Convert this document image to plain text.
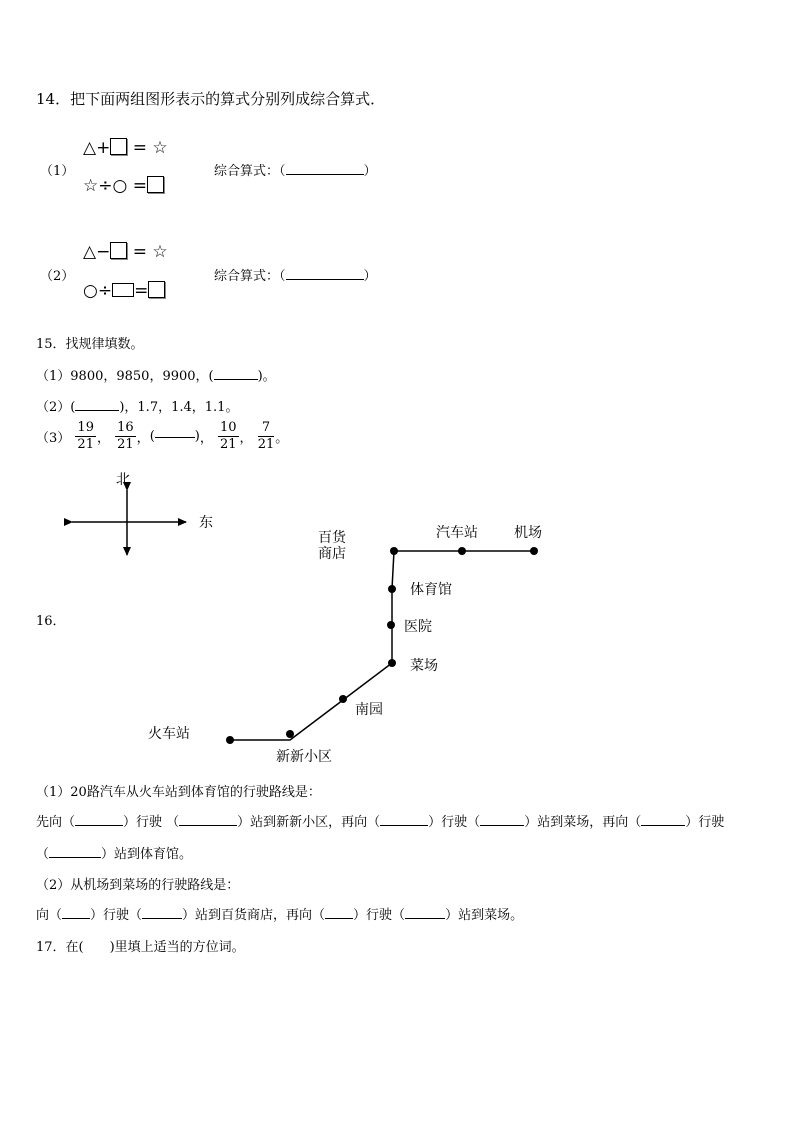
14．把下面两组图形表示的算式分别列成综合算式．
（1）
△+ = ☆
☆÷○ =
综合算式：（	）
（2）
△− = ☆
○÷ =
综合算式：（	）
15．找规律填数。
（1）9800，9850，9900，(	)。
（2）(	)，1.7，1.4，1.1。
$(3) \frac{19}{21}$ ， $\frac{16}{21}$ ，(	)， $\frac{10}{21}$ ， $\frac{7}{21}$ 。
16．
北
东
百货
商店
汽车站	机场
体育馆
医院
菜场
南园
火车站
新新小区
（1）20路汽车从火车站到体育馆的行驶路线是：
先向（	）行驶 （	）站到新新小区，再向（	）行驶（	）站到菜场，再向（	）行驶
（	）站到体育馆。
（2）从机场到菜场的行驶路线是：
向（ ）行驶（	）站到百货商店，再向（ ）行驶（	）站到菜场。
17．在(　　)里填上适当的方位词。
